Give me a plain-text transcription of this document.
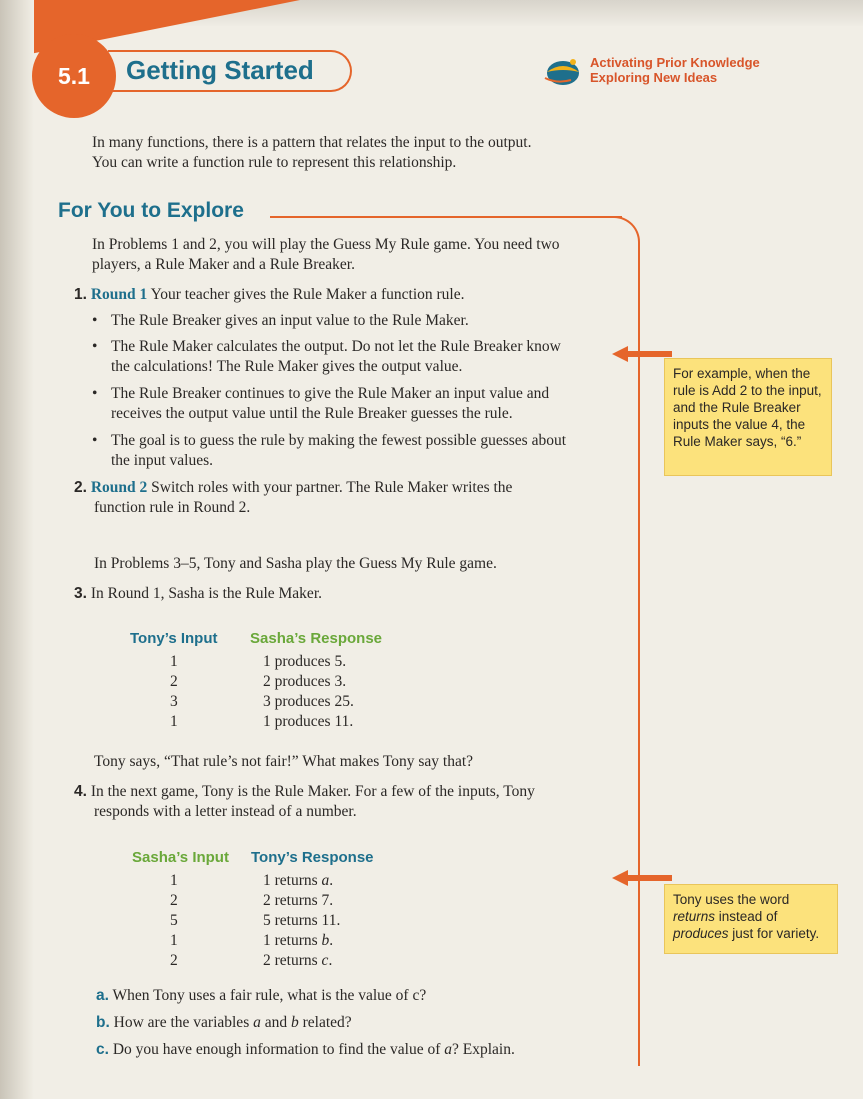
5.1 Getting Started	Activating Prior Knowledge
Exploring New Ideas
In many functions, there is a pattern that relates the input to the output.
You can write a function rule to represent this relationship.
For You to Explore
In Problems 1 and 2, you will play the Guess My Rule game. You need two
players, a Rule Maker and a Rule Breaker.
1. Round 1 Your teacher gives the Rule Maker a function rule.
• The Rule Breaker gives an input value to the Rule Maker.
• The Rule Maker calculates the output. Do not let the Rule Breaker know
the calculations! The Rule Maker gives the output value.
• The Rule Breaker continues to give the Rule Maker an input value and
receives the output value until the Rule Breaker guesses the rule.
• The goal is to guess the rule by making the fewest possible guesses about
the input values.
2. Round 2 Switch roles with your partner. The Rule Maker writes the
function rule in Round 2.
In Problems 3–5, Tony and Sasha play the Guess My Rule game.
3. In Round 1, Sasha is the Rule Maker.
Tony’s Input Sasha’s Response
1
2
3
1
1 produces 5.
2 produces 3.
3 produces 25.
1 produces 11.
Tony says, “That rule’s not fair!” What makes Tony say that?
4. In the next game, Tony is the Rule Maker. For a few of the inputs, Tony
responds with a letter instead of a number.
Sasha’s Input Tony’s Response
1
2
5
1
2
1 returns a.
2 returns 7.
5 returns 11.
1 returns b.
2 returns c.
a. When Tony uses a fair rule, what is the value of c?
b. How are the variables a and b related?
c. Do you have enough information to find the value of a? Explain.
For example, when the rule is Add 2 to the input, and the Rule Breaker inputs the value 4, the Rule Maker says, “6.”
Tony uses the word returns instead of produces just for variety.
